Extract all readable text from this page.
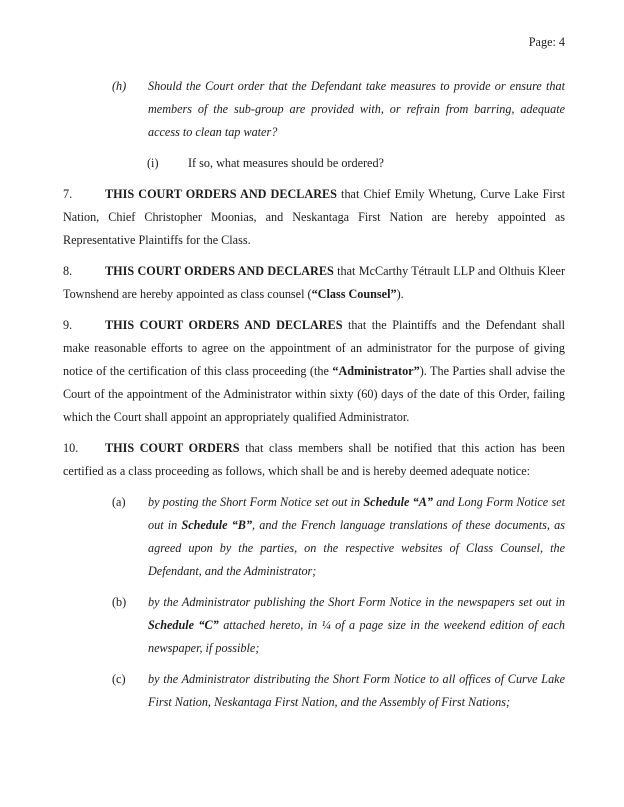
Page: 4
(h) Should the Court order that the Defendant take measures to provide or ensure that members of the sub-group are provided with, or refrain from barring, adequate access to clean tap water?
(i) If so, what measures should be ordered?

7.	THIS COURT ORDERS AND DECLARES that Chief Emily Whetung, Curve Lake First Nation, Chief Christopher Moonias, and Neskantaga First Nation are hereby appointed as Representative Plaintiffs for the Class.

8.	THIS COURT ORDERS AND DECLARES that McCarthy Tétrault LLP and Olthuis Kleer Townshend are hereby appointed as class counsel (“Class Counsel”).

9.	THIS COURT ORDERS AND DECLARES that the Plaintiffs and the Defendant shall make reasonable efforts to agree on the appointment of an administrator for the purpose of giving notice of the certification of this class proceeding (the “Administrator”). The Parties shall advise the Court of the appointment of the Administrator within sixty (60) days of the date of this Order, failing which the Court shall appoint an appropriately qualified Administrator.

10. THIS COURT ORDERS that class members shall be notified that this action has been certified as a class proceeding as follows, which shall be and is hereby deemed adequate notice:

(a) by posting the Short Form Notice set out in Schedule “A” and Long Form Notice set out in Schedule “B”, and the French language translations of these documents, as agreed upon by the parties, on the respective websites of Class Counsel, the Defendant, and the Administrator;
(b) by the Administrator publishing the Short Form Notice in the newspapers set out in Schedule “C” attached hereto, in ¼ of a page size in the weekend edition of each newspaper, if possible;
(c) by the Administrator distributing the Short Form Notice to all offices of Curve Lake First Nation, Neskantaga First Nation, and the Assembly of First Nations;
